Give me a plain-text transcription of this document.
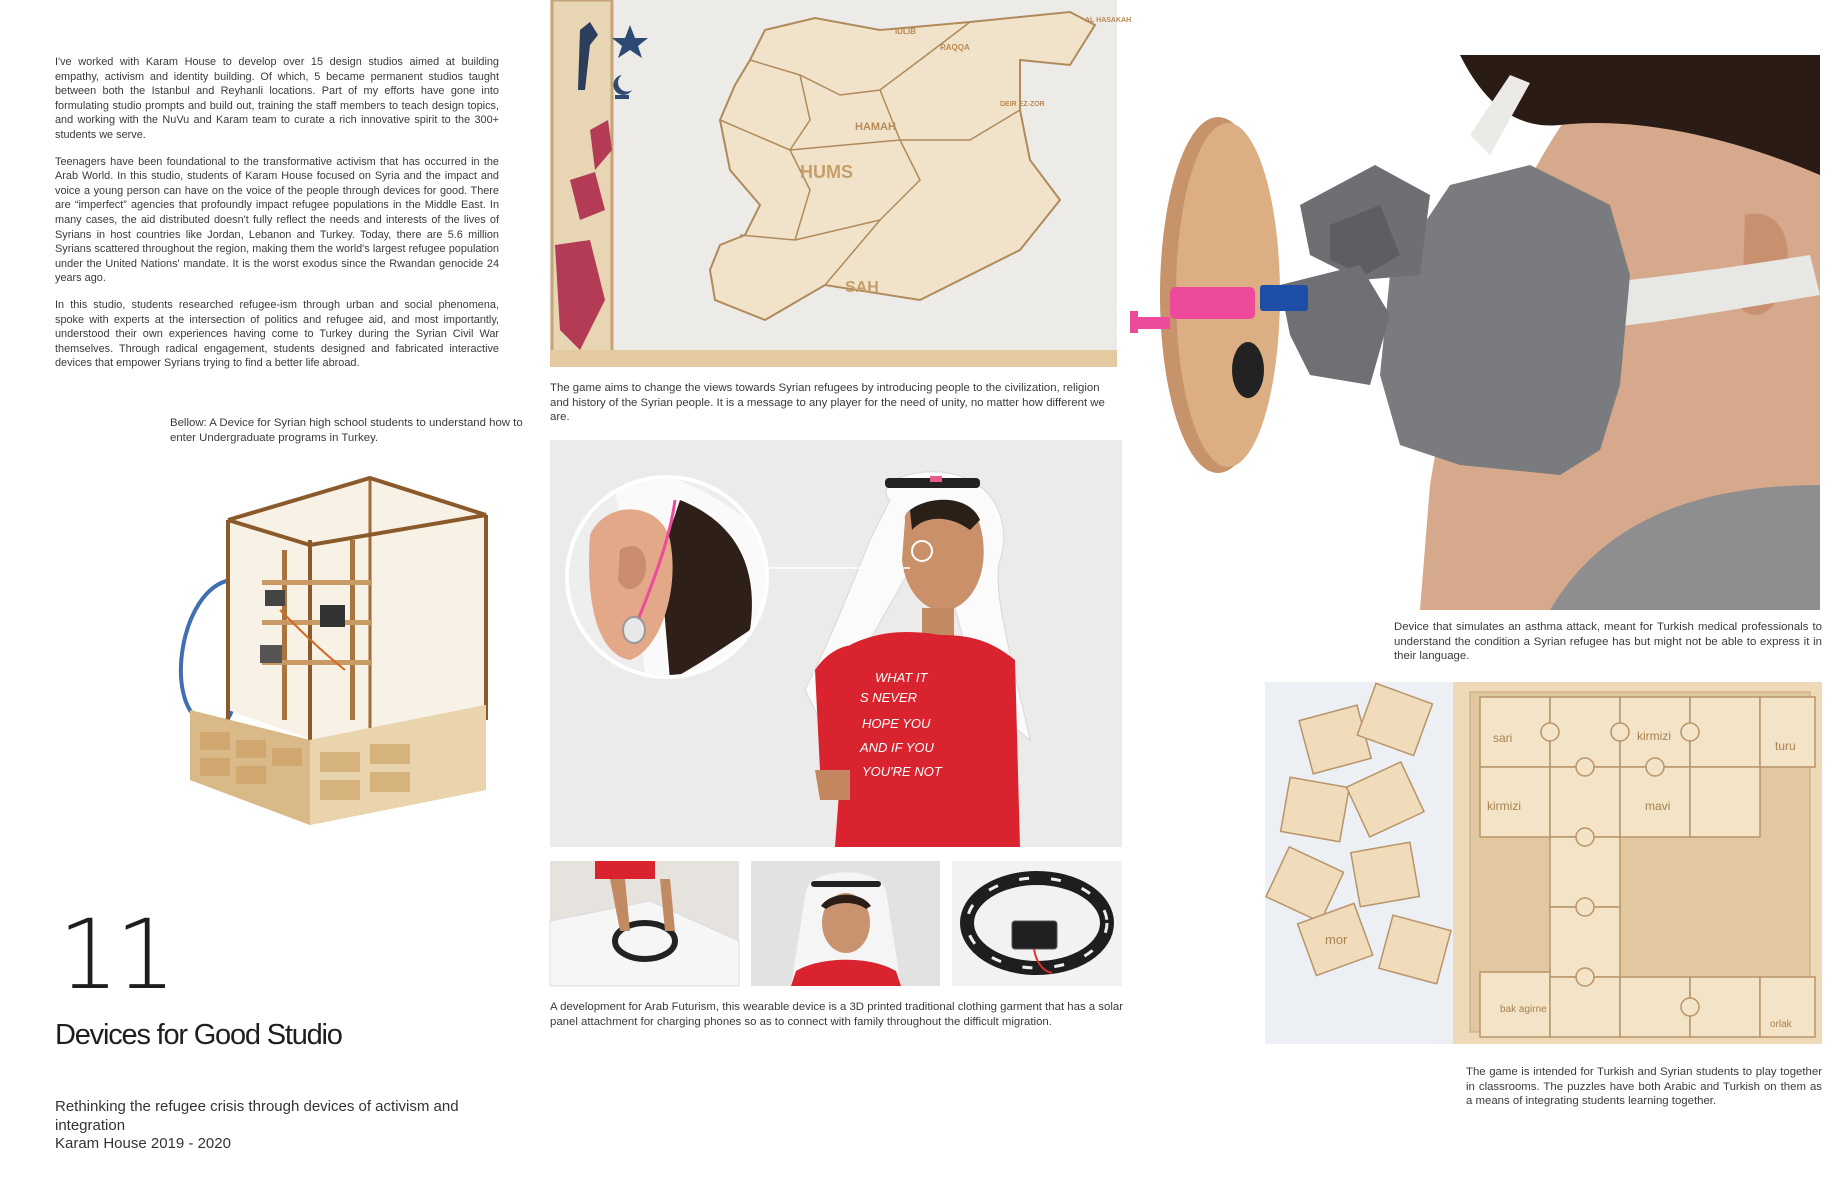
I've worked with Karam House to develop over 15 design studios aimed at building empathy, activism and identity building. Of which, 5 became permanent studios taught between both the Istanbul and Reyhanli locations. Part of my efforts have gone into formulating studio prompts and build out, training the staff members to teach design topics, and working with the NuVu and Karam team to curate a rich innovative spirit to the 300+ students we serve.

Teenagers have been foundational to the transformative activism that has occurred in the Arab World. In this studio, students of Karam House focused on Syria and the impact and voice a young person can have on the voice of the people through devices for good. There are “imperfect” agencies that profoundly impact refugee populations in the Middle East. In many cases, the aid distributed doesn't fully reflect the needs and interests of the lives of Syrians in host countries like Jordan, Lebanon and Turkey. Today, there are 5.6 million Syrians scattered throughout the region, making them the world's largest refugee population under the United Nations' mandate. It is the worst exodus since the Rwandan genocide 24 years ago.

In this studio, students researched refugee-ism through urban and social phenomena, spoke with experts at the intersection of politics and refugee aid, and most importantly, understood their own experiences having come to Turkey during the Syrian Civil War themselves. Through radical engagement, students designed and fabricated interactive devices that empower Syrians trying to find a better life abroad.

Bellow: A Device for Syrian high school students to understand how to enter Undergraduate programs in Turkey.
HUMS
HAMAH
SAH
IDLIB
RAQQA
AL HASAKAH
DEIR EZ-ZOR
The game aims to change the views towards Syrian refugees by introducing people to the civilization, religion and history of the Syrian people. It is a message to any player for the need of unity, no matter how different we are.
WHAT IT
S NEVER
HOPE YOU
AND IF YOU
YOU'RE NOT
A development for Arab Futurism, this wearable device is a 3D printed traditional clothing garment that has a solar panel attachment for charging phones so as to connect with family throughout the difficult migration.
Device that simulates an asthma attack, meant for Turkish medical professionals to understand the condition a Syrian refugee has but might not be able to express it in their language.
sari	kirmizi
turu
kirmizi	mavi
bak agirne
orlak
mor
The game is intended for Turkish and Syrian students to play together in classrooms. The puzzles have both Arabic and Turkish on them as a means of integrating students learning together.
11
Devices for Good Studio
Rethinking the refugee crisis through devices of activism and integration
Karam House 2019 - 2020
